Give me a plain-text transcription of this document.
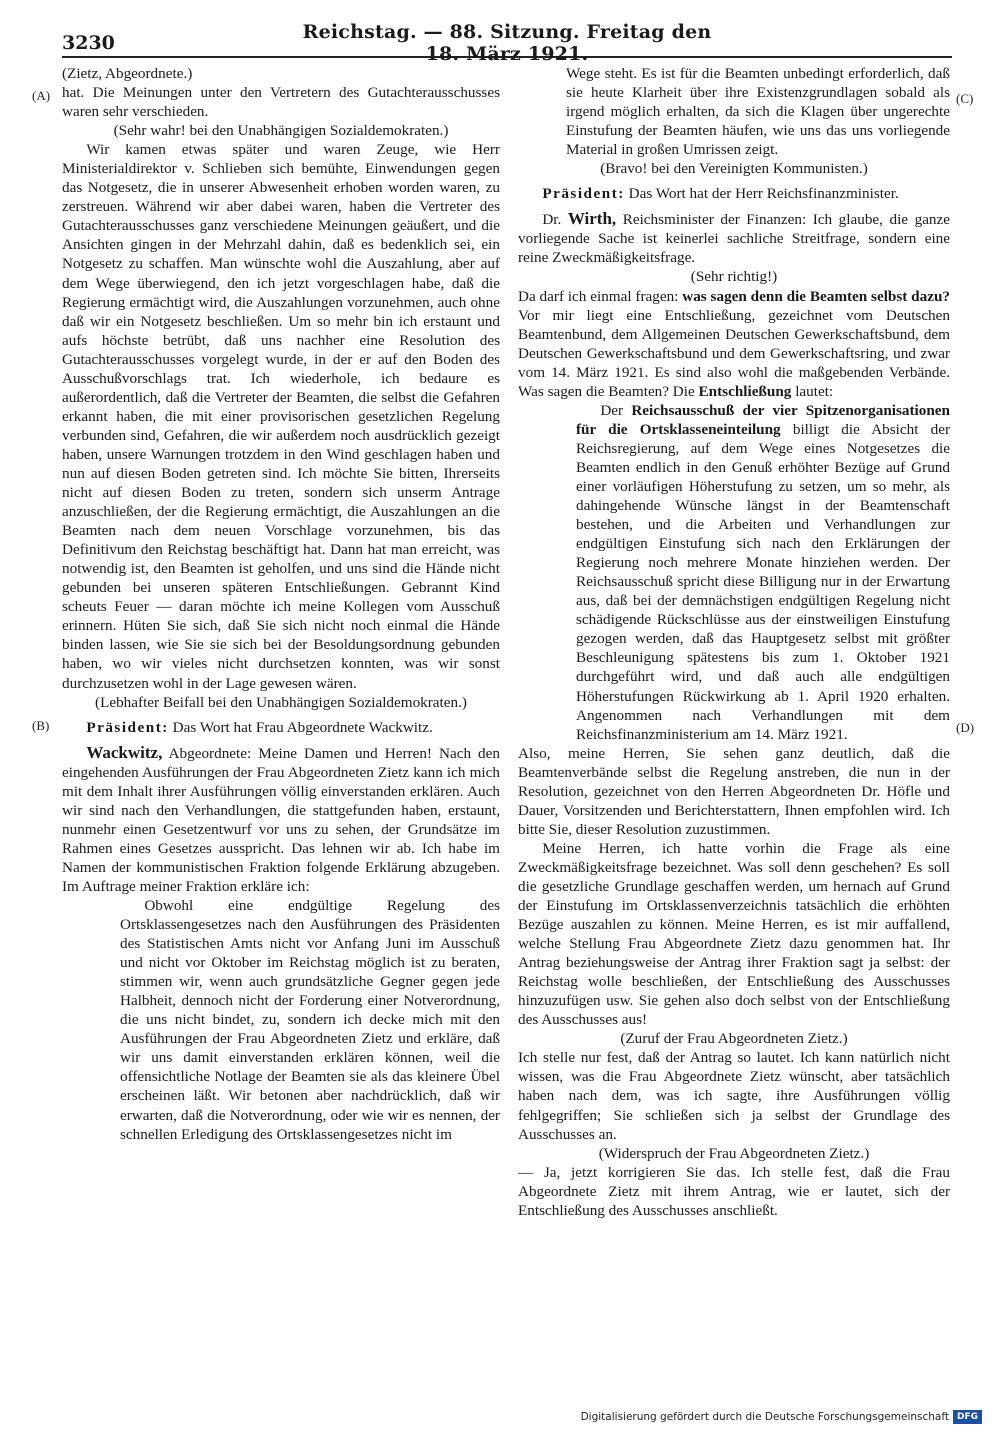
3230	Reichstag. — 88. Sitzung. Freitag den 18. März 1921.
(A)
(B)
(C)
(D)

(Zietz, Abgeordnete.)

hat. Die Meinungen unter den Vertretern des Gutachterausschusses waren sehr verschieden.

(Sehr wahr! bei den Unabhängigen Sozialdemokraten.)

Wir kamen etwas später und waren Zeuge, wie Herr Ministerialdirektor v. Schlieben sich bemühte, Einwendungen gegen das Notgesetz, die in unserer Abwesenheit erhoben worden waren, zu zerstreuen. Während wir aber dabei waren, haben die Vertreter des Gutachterausschusses ganz verschiedene Meinungen geäußert, und die Ansichten gingen in der Mehrzahl dahin, daß es bedenklich sei, ein Notgesetz zu schaffen. Man wünschte wohl die Auszahlung, aber auf dem Wege überwiegend, den ich jetzt vorgeschlagen habe, daß die Regierung ermächtigt wird, die Auszahlungen vorzunehmen, auch ohne daß wir ein Notgesetz beschließen. Um so mehr bin ich erstaunt und aufs höchste betrübt, daß uns nachher eine Resolution des Gutachterausschusses vorgelegt wurde, in der er auf den Boden des Ausschußvorschlags trat. Ich wiederhole, ich bedaure es außerordentlich, daß die Vertreter der Beamten, die selbst die Gefahren erkannt haben, die mit einer provisorischen gesetzlichen Regelung verbunden sind, Gefahren, die wir außerdem noch ausdrücklich gezeigt haben, unsere Warnungen trotzdem in den Wind geschlagen haben und nun auf diesen Boden getreten sind. Ich möchte Sie bitten, Ihrerseits nicht auf diesen Boden zu treten, sondern sich unserm Antrage anzuschließen, der die Regierung ermächtigt, die Auszahlungen an die Beamten nach dem neuen Vorschlage vorzunehmen, bis das Definitivum den Reichstag beschäftigt hat. Dann hat man erreicht, was notwendig ist, den Beamten ist geholfen, und uns sind die Hände nicht gebunden bei unseren späteren Entschließungen. Gebrannt Kind scheuts Feuer — daran möchte ich meine Kollegen vom Ausschuß erinnern. Hüten Sie sich, daß Sie sich nicht noch einmal die Hände binden lassen, wie Sie sie sich bei der Besoldungsordnung gebunden haben, wo wir vieles nicht durchsetzen konnten, was wir sonst durchzusetzen wohl in der Lage gewesen wären.

(Lebhafter Beifall bei den Unabhängigen Sozialdemokraten.)

Präsident: Das Wort hat Frau Abgeordnete Wackwitz.

Wackwitz, Abgeordnete: Meine Damen und Herren! Nach den eingehenden Ausführungen der Frau Abgeordneten Zietz kann ich mich mit dem Inhalt ihrer Ausführungen völlig einverstanden erklären. Auch wir sind nach den Verhandlungen, die stattgefunden haben, erstaunt, nunmehr einen Gesetzentwurf vor uns zu sehen, der Grundsätze im Rahmen eines Gesetzes ausspricht. Das lehnen wir ab. Ich habe im Namen der kommunistischen Fraktion folgende Erklärung abzugeben. Im Auftrage meiner Fraktion erkläre ich:

Obwohl eine endgültige Regelung des Ortsklassengesetzes nach den Ausführungen des Präsidenten des Statistischen Amts nicht vor Anfang Juni im Ausschuß und nicht vor Oktober im Reichstag möglich ist zu beraten, stimmen wir, wenn auch grundsätzliche Gegner gegen jede Halbheit, dennoch nicht der Forderung einer Notverordnung, die uns nicht bindet, zu, sondern ich decke mich mit den Ausführungen der Frau Abgeordneten Zietz und erkläre, daß wir uns damit einverstanden erklären können, weil die offensichtliche Notlage der Beamten sie als das kleinere Übel erscheinen läßt. Wir betonen aber nachdrücklich, daß wir erwarten, daß die Notverordnung, oder wie wir es nennen, der schnellen Erledigung des Ortsklassengesetzes nicht im

Wege steht. Es ist für die Beamten unbedingt erforderlich, daß sie heute Klarheit über ihre Existenzgrundlagen sobald als irgend möglich erhalten, da sich die Klagen über ungerechte Einstufung der Beamten häufen, wie uns das uns vorliegende Material in großen Umrissen zeigt.

(Bravo! bei den Vereinigten Kommunisten.)

Präsident: Das Wort hat der Herr Reichsfinanzminister.

Dr. Wirth, Reichsminister der Finanzen: Ich glaube, die ganze vorliegende Sache ist keinerlei sachliche Streitfrage, sondern eine reine Zweckmäßigkeitsfrage.

(Sehr richtig!)

Da darf ich einmal fragen: was sagen denn die Beamten selbst dazu? Vor mir liegt eine Entschließung, gezeichnet vom Deutschen Beamtenbund, dem Allgemeinen Deutschen Gewerkschaftsbund, dem Deutschen Gewerkschaftsbund und dem Gewerkschaftsring, und zwar vom 14. März 1921. Es sind also wohl die maßgebenden Verbände. Was sagen die Beamten? Die Entschließung lautet:

Der Reichsausschuß der vier Spitzenorganisationen für die Ortsklasseneinteilung billigt die Absicht der Reichsregierung, auf dem Wege eines Notgesetzes die Beamten endlich in den Genuß erhöhter Bezüge auf Grund einer vorläufigen Höherstufung zu setzen, um so mehr, als dahingehende Wünsche längst in der Beamtenschaft bestehen, und die Arbeiten und Verhandlungen zur endgültigen Einstufung sich nach den Erklärungen der Regierung noch mehrere Monate hinziehen werden. Der Reichsausschuß spricht diese Billigung nur in der Erwartung aus, daß bei der demnächstigen endgültigen Regelung nicht schädigende Rückschlüsse aus der einstweiligen Einstufung gezogen werden, daß das Hauptgesetz selbst mit größter Beschleunigung spätestens bis zum 1. Oktober 1921 durchgeführt wird, und daß auch alle endgültigen Höherstufungen Rückwirkung ab 1. April 1920 erhalten. Angenommen nach Verhandlungen mit dem Reichsfinanzministerium am 14. März 1921.

Also, meine Herren, Sie sehen ganz deutlich, daß die Beamtenverbände selbst die Regelung anstreben, die nun in der Resolution, gezeichnet von den Herren Abgeordneten Dr. Höfle und Dauer, Vorsitzenden und Berichterstattern, Ihnen empfohlen wird. Ich bitte Sie, dieser Resolution zuzustimmen.

Meine Herren, ich hatte vorhin die Frage als eine Zweckmäßigkeitsfrage bezeichnet. Was soll denn geschehen? Es soll die gesetzliche Grundlage geschaffen werden, um hernach auf Grund der Einstufung im Ortsklassenverzeichnis tatsächlich die erhöhten Bezüge auszahlen zu können. Meine Herren, es ist mir auffallend, welche Stellung Frau Abgeordnete Zietz dazu genommen hat. Ihr Antrag beziehungsweise der Antrag ihrer Fraktion sagt ja selbst: der Reichstag wolle beschließen, der Entschließung des Ausschusses hinzuzufügen usw. Sie gehen also doch selbst von der Entschließung des Ausschusses aus!

(Zuruf der Frau Abgeordneten Zietz.)

Ich stelle nur fest, daß der Antrag so lautet. Ich kann natürlich nicht wissen, was die Frau Abgeordnete Zietz wünscht, aber tatsächlich haben nach dem, was ich sagte, ihre Ausführungen völlig fehlgegriffen; Sie schließen sich ja selbst der Grundlage des Ausschusses an.

(Widerspruch der Frau Abgeordneten Zietz.)

— Ja, jetzt korrigieren Sie das. Ich stelle fest, daß die Frau Abgeordnete Zietz mit ihrem Antrag, wie er lautet, sich der Entschließung des Ausschusses anschließt.

Digitalisierung gefördert durch die Deutsche Forschungsgemeinschaft DFG
